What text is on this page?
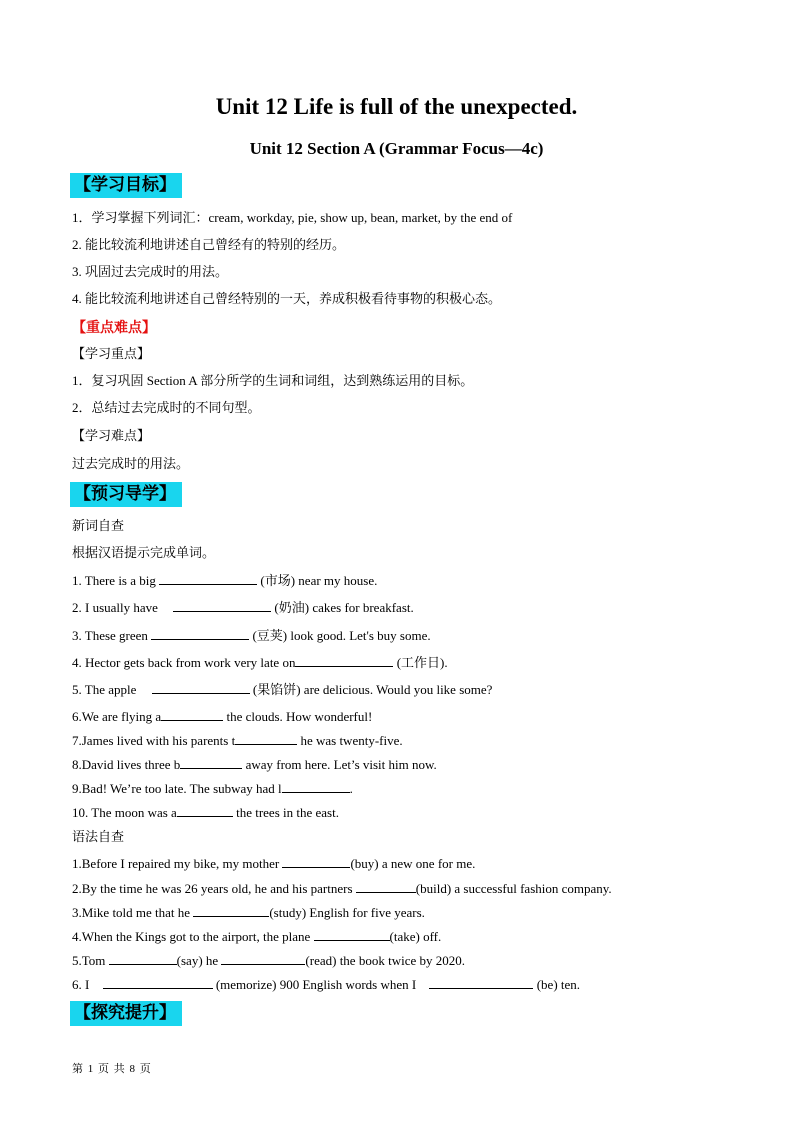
Unit 12 Life is full of the unexpected.
Unit 12 Section A (Grammar Focus—4c)
【学习目标】
1．学习掌握下列词汇：cream, workday, pie, show up, bean, market, by the end of
2. 能比较流利地讲述自己曾经有的特别的经历。
3. 巩固过去完成时的用法。
4. 能比较流利地讲述自己曾经特别的一天，养成积极看待事物的积极心态。
【重点难点】
【学习重点】
1．复习巩固 Section A 部分所学的生词和词组，达到熟练运用的目标。
2．总结过去完成时的不同句型。
【学习难点】
过去完成时的用法。
【预习导学】
新词自查
根据汉语提示完成单词。
1. There is a big	(市场) near my house.
2. I usually have	(奶油) cakes for breakfast.
3. These green	(豆荚) look good. Let's buy some.
4. Hector gets back from work very late on	(工作日).
5. The apple	(果馅饼) are delicious. Would you like some?
6.We are flying a	the clouds. How wonderful!
7.James lived with his parents t	he was twenty-five.
8.David lives three b	away from here. Let’s visit him now.
9.Bad! We’re too late. The subway had l	.
10. The moon was a	the trees in the east.
语法自查
1.Before I repaired my bike, my mother	(buy) a new one for me.
2.By the time he was 26 years old, he and his partners	(build) a successful fashion company.
3.Mike told me that he	(study) English for five years.
4.When the Kings got to the airport, the plane	(take) off.
5.Tom	(say) he	(read) the book twice by 2020.
6. I	(memorize) 900 English words when I	(be) ten.
【探究提升】
第 1 页 共 8 页
